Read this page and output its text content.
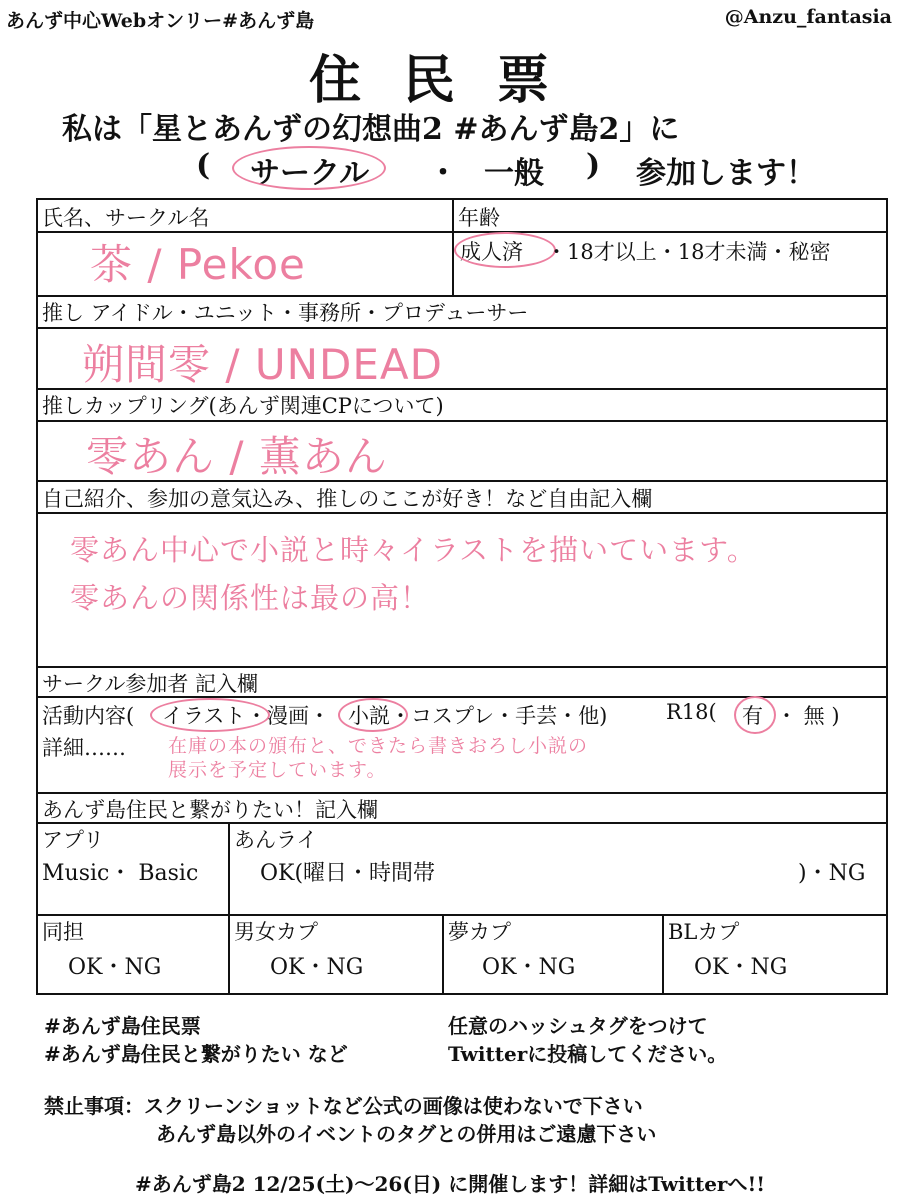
あんず中心Webオンリー#あんず島	@Anzu_fantasia
住民票
私は「星とあんずの幻想曲2 #あんず島2」に
( サークル ・ 一般 ) 参加します！
氏名、サークル名
茶 / Pekoe
年齢
成人済 ・18才以上・18才未満・秘密
推し アイドル・ユニット・事務所・プロデューサー
朔間零 / UNDEAD
推しカップリング(あんず関連CPについて)
零あん / 薫あん
自己紹介、参加の意気込み、推しのここが好き！など自由記入欄
零あん中心で小説と時々イラストを描いています。
零あんの関係性は最の高！
サークル参加者 記入欄
活動内容( イラスト ・漫画・ 小説 ・コスプレ・手芸・他)	R18( 有 ・ 無 )
詳細…… 在庫の本の頒布と、できたら書きおろし小説の
展示を予定しています。
あんず島住民と繋がりたい！記入欄
アプリ
Music・ Basic
あんライ
OK(曜日・時間帯	)・NG
同担
OK・NG
男女カプ
OK・NG
夢カプ
OK・NG
BLカプ
OK・NG
#あんず島住民票
#あんず島住民と繋がりたい など
任意のハッシュタグをつけて
Twitterに投稿してください。
禁止事項：スクリーンショットなど公式の画像は使わないで下さい
あんず島以外のイベントのタグとの併用はご遠慮下さい
#あんず島2 12/25(土)〜26(日) に開催します！詳細はTwitterへ!!
